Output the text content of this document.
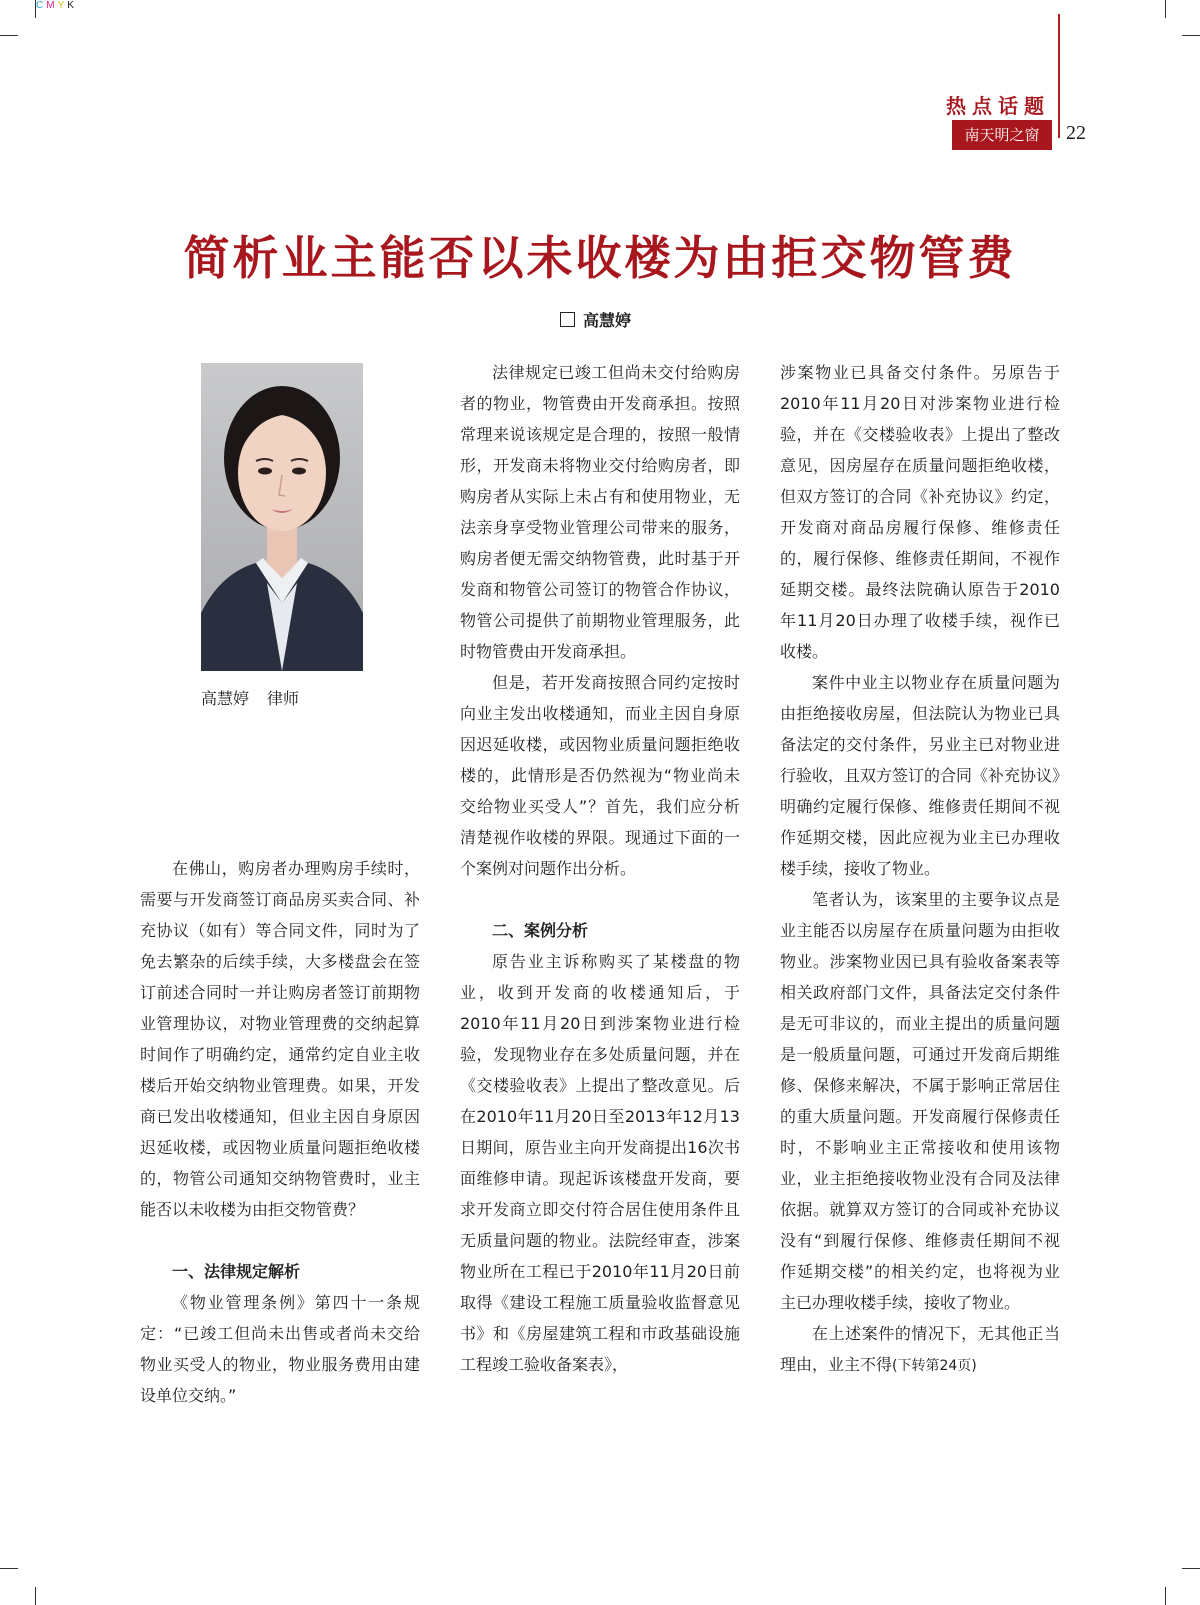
CMYK
热点话题
南天明之窗	22
简析业主能否以未收楼为由拒交物管费
高慧婷
高慧婷 律师

在佛山，购房者办理购房手续时，需要与开发商签订商品房买卖合同、补充协议（如有）等合同文件，同时为了免去繁杂的后续手续，大多楼盘会在签订前述合同时一并让购房者签订前期物业管理协议，对物业管理费的交纳起算时间作了明确约定，通常约定自业主收楼后开始交纳物业管理费。如果，开发商已发出收楼通知，但业主因自身原因迟延收楼，或因物业质量问题拒绝收楼的，物管公司通知交纳物管费时，业主能否以未收楼为由拒交物管费？

一、法律规定解析

《物业管理条例》第四十一条规定：“已竣工但尚未出售或者尚未交给物业买受人的物业，物业服务费用由建设单位交纳。”

法律规定已竣工但尚未交付给购房者的物业，物管费由开发商承担。按照常理来说该规定是合理的，按照一般情形，开发商未将物业交付给购房者，即购房者从实际上未占有和使用物业，无法亲身享受物业管理公司带来的服务，购房者便无需交纳物管费，此时基于开发商和物管公司签订的物管合作协议，物管公司提供了前期物业管理服务，此时物管费由开发商承担。

但是，若开发商按照合同约定按时向业主发出收楼通知，而业主因自身原因迟延收楼，或因物业质量问题拒绝收楼的，此情形是否仍然视为“物业尚未交给物业买受人”？首先，我们应分析清楚视作收楼的界限。现通过下面的一个案例对问题作出分析。

二、案例分析

原告业主诉称购买了某楼盘的物业，收到开发商的收楼通知后，于2010年11月20日到涉案物业进行检验，发现物业存在多处质量问题，并在《交楼验收表》上提出了整改意见。后在2010年11月20日至2013年12月13日期间，原告业主向开发商提出16次书面维修申请。现起诉该楼盘开发商，要求开发商立即交付符合居住使用条件且无质量问题的物业。法院经审查，涉案物业所在工程已于2010年11月20日前取得《建设工程施工质量验收监督意见书》和《房屋建筑工程和市政基础设施工程竣工验收备案表》，

涉案物业已具备交付条件。另原告于2010年11月20日对涉案物业进行检验，并在《交楼验收表》上提出了整改意见，因房屋存在质量问题拒绝收楼，但双方签订的合同《补充协议》约定，开发商对商品房履行保修、维修责任的，履行保修、维修责任期间，不视作延期交楼。最终法院确认原告于2010年11月20日办理了收楼手续，视作已收楼。

案件中业主以物业存在质量问题为由拒绝接收房屋，但法院认为物业已具备法定的交付条件，另业主已对物业进行验收，且双方签订的合同《补充协议》明确约定履行保修、维修责任期间不视作延期交楼，因此应视为业主已办理收楼手续，接收了物业。

笔者认为，该案里的主要争议点是业主能否以房屋存在质量问题为由拒收物业。涉案物业因已具有验收备案表等相关政府部门文件，具备法定交付条件是无可非议的，而业主提出的质量问题是一般质量问题，可通过开发商后期维修、保修来解决，不属于影响正常居住的重大质量问题。开发商履行保修责任时，不影响业主正常接收和使用该物业，业主拒绝接收物业没有合同及法律依据。就算双方签订的合同或补充协议没有“到履行保修、维修责任期间不视作延期交楼”的相关约定，也将视为业主已办理收楼手续，接收了物业。

在上述案件的情况下，无其他正当理由，业主不得(下转第24页)
